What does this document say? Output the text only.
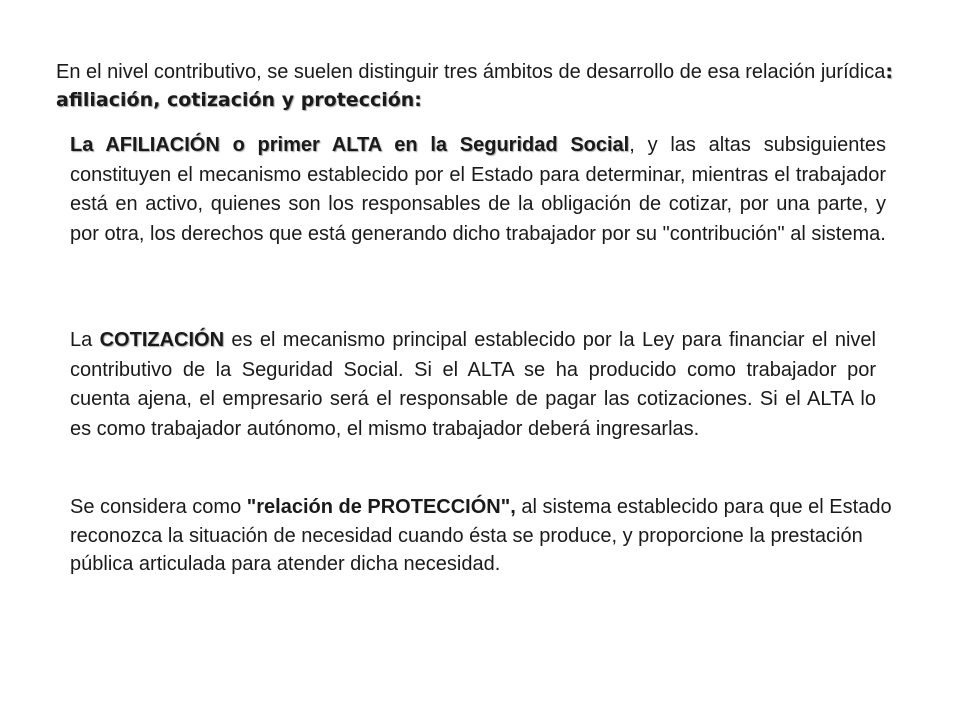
En el nivel contributivo, se suelen distinguir tres ámbitos de desarrollo de esa relación jurídica: afiliación, cotización y protección:

La AFILIACIÓN o primer ALTA en la Seguridad Social, y las altas subsiguientes constituyen el mecanismo establecido por el Estado para determinar, mientras el trabajador está en activo, quienes son los responsables de la obligación de cotizar, por una parte, y por otra, los derechos que está generando dicho trabajador por su "contribución" al sistema.

La COTIZACIÓN es el mecanismo principal establecido por la Ley para financiar el nivel contributivo de la Seguridad Social. Si el ALTA se ha producido como trabajador por cuenta ajena, el empresario será el responsable de pagar las cotizaciones. Si el ALTA lo es como trabajador autónomo, el mismo trabajador deberá ingresarlas.

Se considera como "relación de PROTECCIÓN", al sistema establecido para que el Estado reconozca la situación de necesidad cuando ésta se produce, y proporcione la prestación pública articulada para atender dicha necesidad.
